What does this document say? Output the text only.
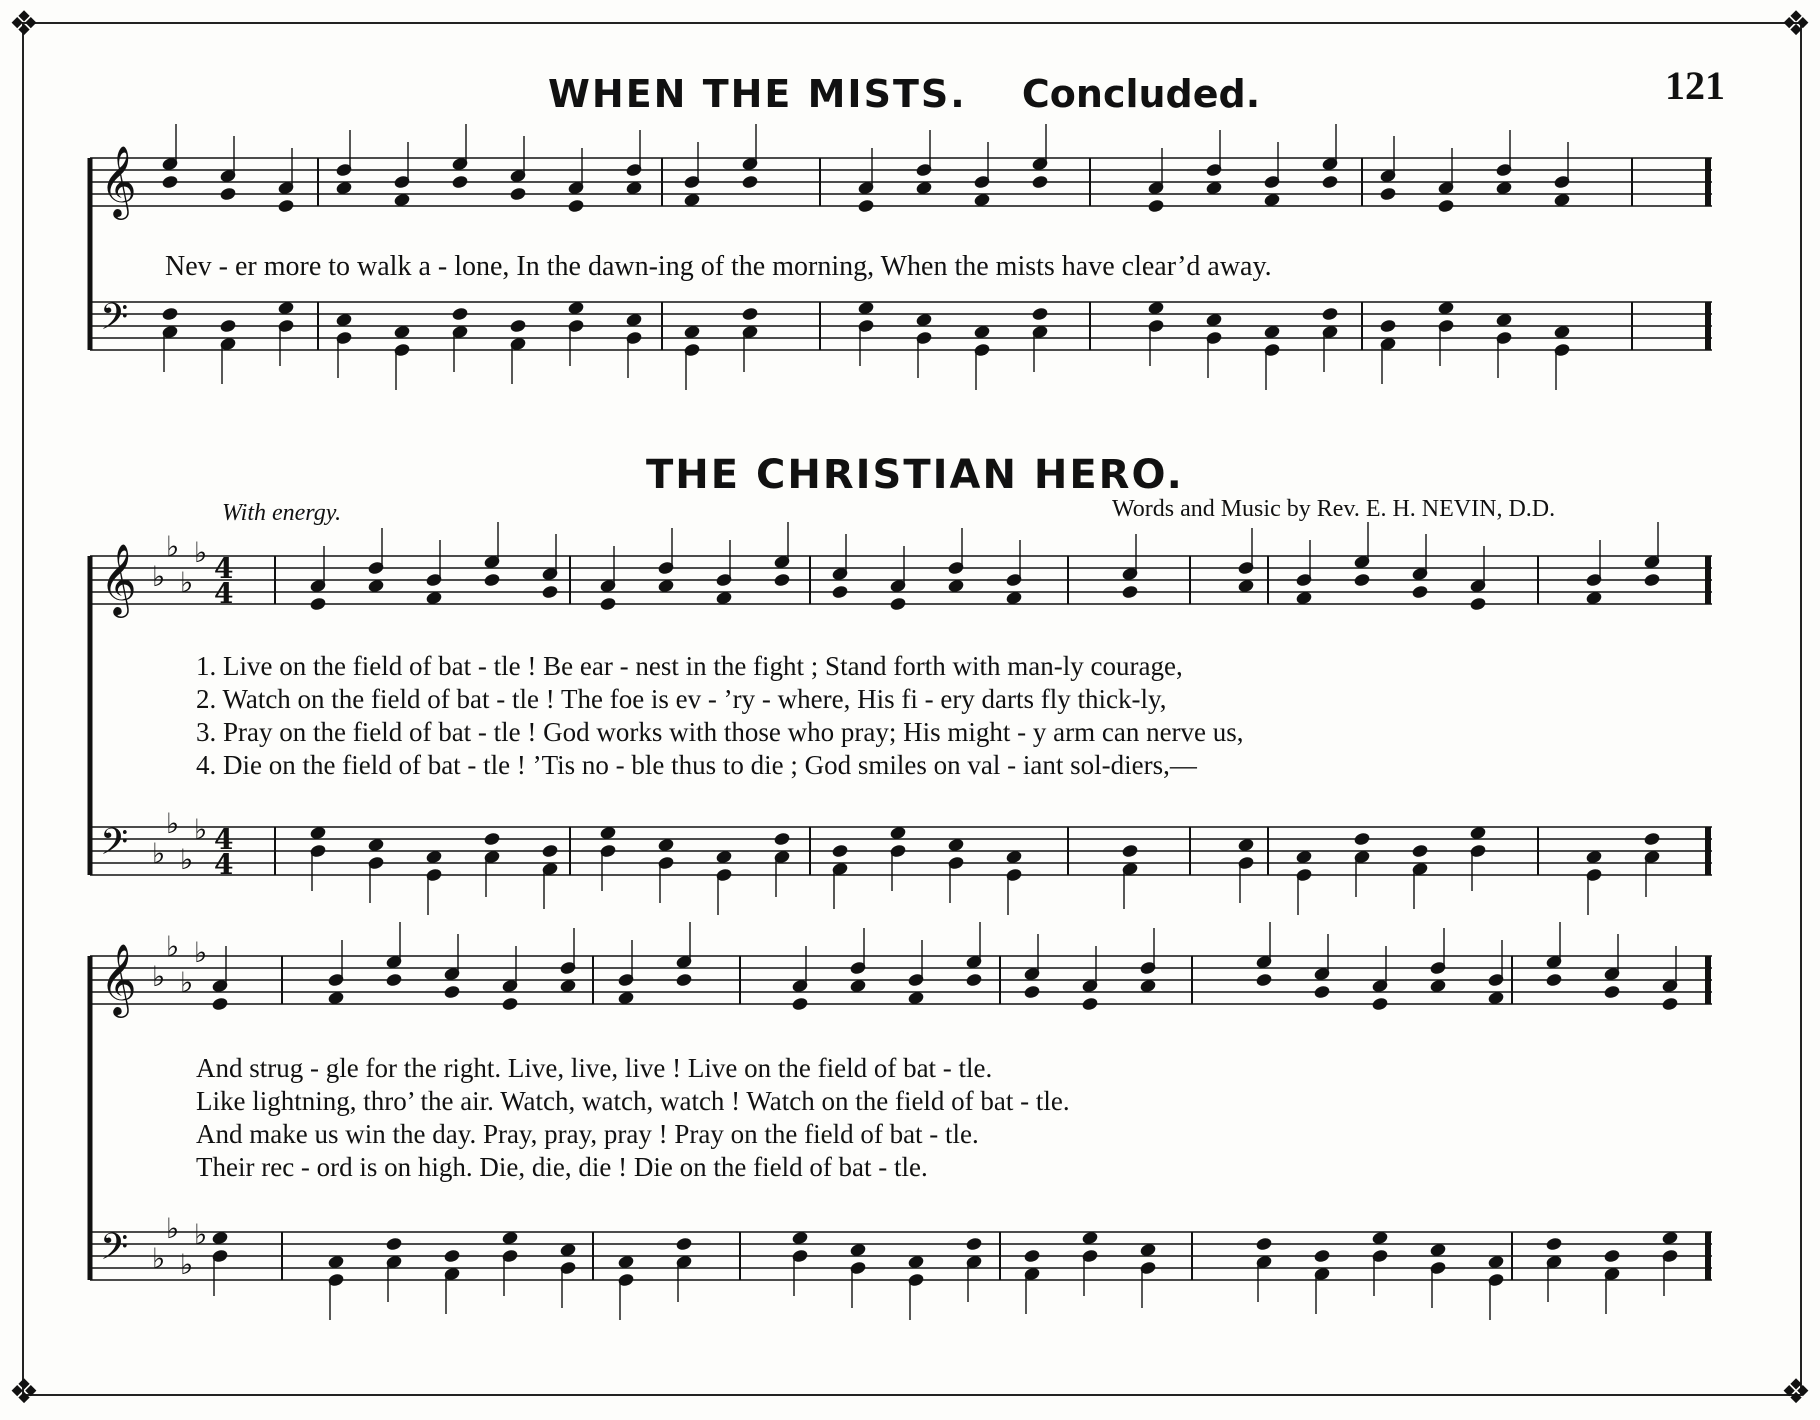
❖	❖
❖	❖
WHEN THE MISTS. Concluded.	121
THE CHRISTIAN HERO.
With energy.	Words and Music by Rev. E. H. NEVIN, D.D.
Nev - er more to walk a - lone, In the dawn-ing of the morning, When the mists have clear’d away.
1. Live on the field of bat - tle ! Be ear - nest in the fight ; Stand forth with man-ly courage,
2. Watch on the field of bat - tle ! The foe is ev - ’ry - where, His fi - ery darts fly thick-ly,
3. Pray on the field of bat - tle ! God works with those who pray; His might - y arm can nerve us,
4. Die on the field of bat - tle ! ’Tis no - ble thus to die ; God smiles on val - iant sol-diers,—
And strug - gle for the right. Live, live, live ! Live on the field of bat - tle.
Like lightning, thro’ the air. Watch, watch, watch ! Watch on the field of bat - tle.
And make us win the day. Pray, pray, pray ! Pray on the field of bat - tle.
Their rec - ord is on high. Die, die, die ! Die on the field of bat - tle.
𝄞
𝄢
𝄞 ♭
♭
♭
♭ 4
4
𝄢 ♭
♭
♭
♭ 4
4
𝄞 ♭
♭
♭
♭
𝄢 ♭
♭
♭
♭
